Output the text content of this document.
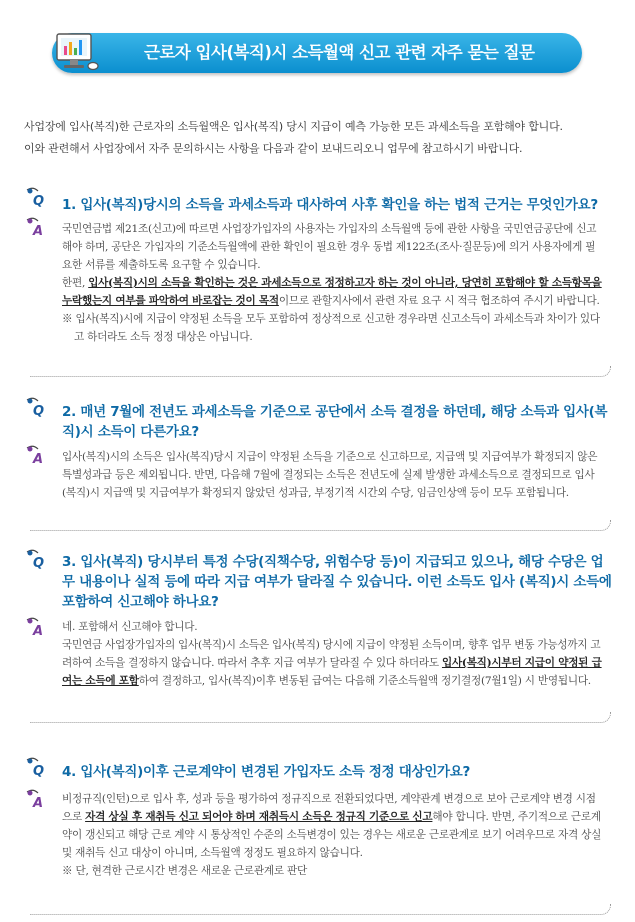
근로자 입사(복직)시 소득월액 신고 관련 자주 묻는 질문

사업장에 입사(복직)한 근로자의 소득월액은 입사(복직) 당시 지급이 예측 가능한 모든 과세소득을 포함해야 합니다.

이와 관련해서 사업장에서 자주 문의하시는 사항을 다음과 같이 보내드리오니 업무에 참고하시기 바랍니다.

Q 1. 입사(복직)당시의 소득을 과세소득과 대사하여 사후 확인을 하는 법적 근거는 무엇인가요?
A 국민연금법 제21조(신고)에 따르면 사업장가입자의 사용자는 가입자의 소득월액 등에 관한 사항을 국민연금공단에 신고해야 하며, 공단은 가입자의 기준소득월액에 관한 확인이 필요한 경우 동법 제122조(조사·질문등)에 의거 사용자에게 필요한 서류를 제출하도록 요구할 수 있습니다.

한편, 입사(복직)시의 소득을 확인하는 것은 과세소득으로 정정하고자 하는 것이 아니라, 당연히 포함해야 할 소득항목을 누락했는지 여부를 파악하여 바로잡는 것이 목적이므로 관할지사에서 관련 자료 요구 시 적극 협조하여 주시기 바랍니다.

※ 입사(복직)시에 지급이 약정된 소득을 모두 포함하여 정상적으로 신고한 경우라면 신고소득이 과세소득과 차이가 있다고 하더라도 소득 정정 대상은 아닙니다.

Q 2. 매년 7월에 전년도 과세소득을 기준으로 공단에서 소득 결정을 하던데, 해당 소득과 입사(복직)시 소득이 다른가요?
A 입사(복직)시의 소득은 입사(복직)당시 지급이 약정된 소득을 기준으로 신고하므로, 지급액 및 지급여부가 확정되지 않은 특별성과급 등은 제외됩니다. 반면, 다음해 7월에 결정되는 소득은 전년도에 실제 발생한 과세소득으로 결정되므로 입사(복직)시 지급액 및 지급여부가 확정되지 않았던 성과급, 부정기적 시간외 수당, 임금인상액 등이 모두 포함됩니다.

Q 3. 입사(복직) 당시부터 특정 수당(직책수당, 위험수당 등)이 지급되고 있으나, 해당 수당은 업무 내용이나 실적 등에 따라 지급 여부가 달라질 수 있습니다. 이런 소득도 입사 (복직)시 소득에 포함하여 신고해야 하나요?
A 네. 포함해서 신고해야 합니다.

국민연금 사업장가입자의 입사(복직)시 소득은 입사(복직) 당시에 지급이 약정된 소득이며, 향후 업무 변동 가능성까지 고려하여 소득을 결정하지 않습니다. 따라서 추후 지급 여부가 달라질 수 있다 하더라도 입사(복직)시부터 지급이 약정된 급여는 소득에 포함하여 결정하고, 입사(복직)이후 변동된 급여는 다음해 기준소득월액 정기결정(7월1일) 시 반영됩니다.

Q 4. 입사(복직)이후 근로계약이 변경된 가입자도 소득 정정 대상인가요?
A 비정규직(인턴)으로 입사 후, 성과 등을 평가하여 정규직으로 전환되었다면, 계약관계 변경으로 보아 근로계약 변경 시점으로 자격 상실 후 재취득 신고 되어야 하며 재취득시 소득은 정규직 기준으로 신고해야 합니다. 반면, 주기적으로 근로계약이 갱신되고 해당 근로 계약 시 통상적인 수준의 소득변경이 있는 경우는 새로운 근로관계로 보기 어려우므로 자격 상실 및 재취득 신고 대상이 아니며, 소득월액 정정도 필요하지 않습니다.

※ 단, 현격한 근로시간 변경은 새로운 근로관계로 판단
